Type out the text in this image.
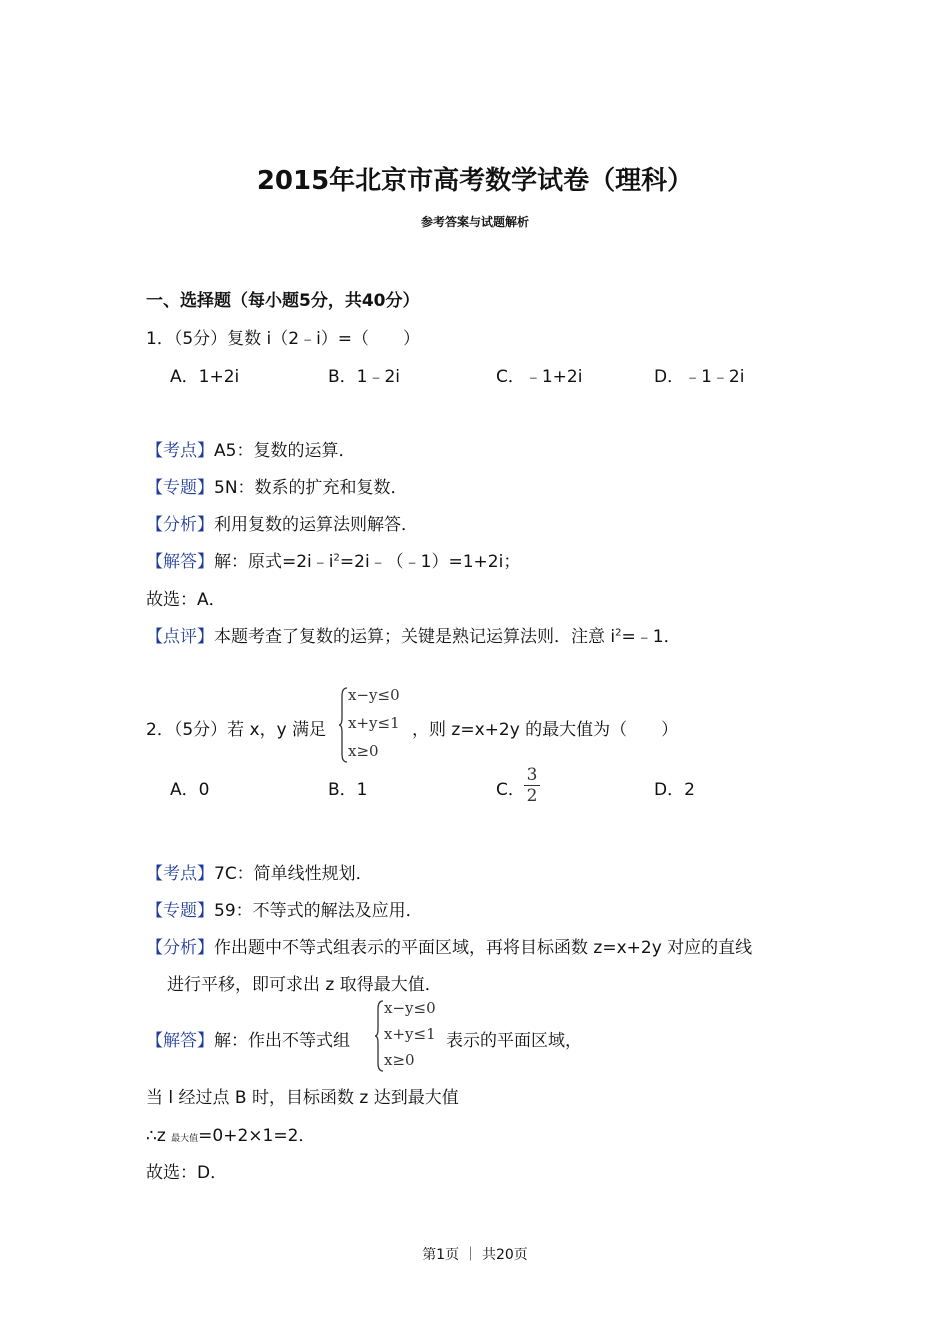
2015年北京市高考数学试卷（理科）
参考答案与试题解析
一、选择题（每小题5分，共40分）
1．（5分）复数 i（2﹣i）=（　　）
A．1+2i	B．1﹣2i	C．﹣1+2i	D．﹣1﹣2i
【考点】A5：复数的运算．
【专题】5N：数系的扩充和复数．
【分析】利用复数的运算法则解答．
【解答】解：原式$=2i﹣i^2=2i﹣(﹣1)=1+2i$；
故选：A．
【点评】本题考查了复数的运算；关键是熟记运算法则．注意 $i^2=﹣1$．
2．（5分）若 x，y 满足
x−y≤0
x+y≤1
x≥0
，则 z=x+2y 的最大值为（　　）
A．0	B．1	C．
3
2	D．2
【考点】7C：简单线性规划．
【专题】59：不等式的解法及应用．
【分析】作出题中不等式组表示的平面区域，再将目标函数 z=x+2y 对应的直线
进行平移，即可求出 z 取得最大值．
【解答】解：作出不等式组
x−y≤0
x+y≤1
x≥0
表示的平面区域，
当 l 经过点 B 时，目标函数 z 达到最大值
∴z 最大值=0+2×1=2．
故选：D．
第1页 ｜ 共20页
